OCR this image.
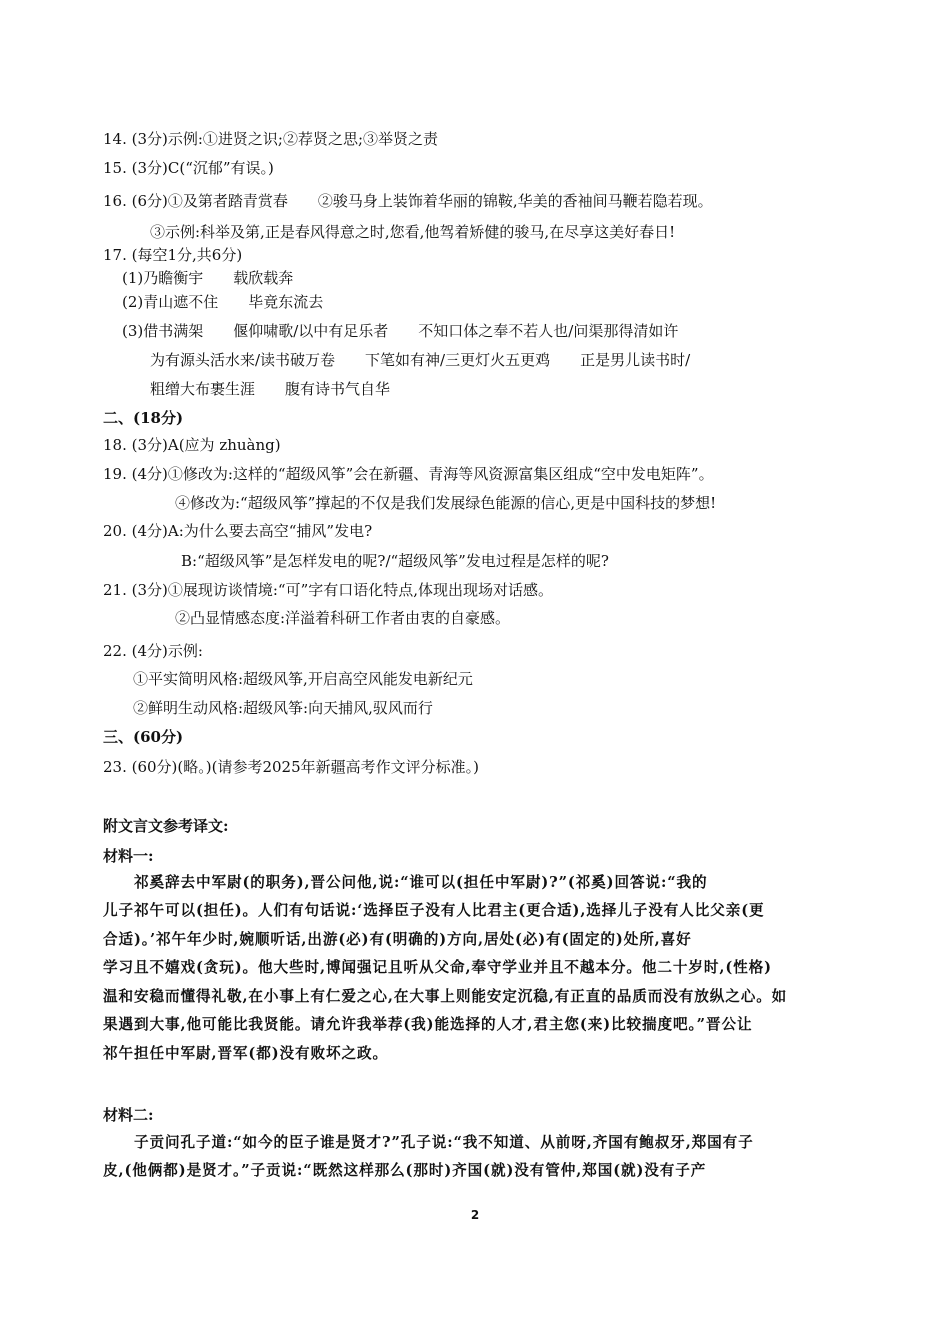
14. (3分)示例:①进贤之识;②荐贤之思;③举贤之责
15. (3分)C(“沉郁”有误。)
16. (6分)①及第者踏青赏春　　②骏马身上装饰着华丽的锦鞍,华美的香袖间马鞭若隐若现。
③示例:科举及第,正是春风得意之时,您看,他驾着矫健的骏马,在尽享这美好春日!
17. (每空1分,共6分)
(1)乃瞻衡宇　　载欣载奔
(2)青山遮不住　　毕竟东流去
(3)借书满架　　偃仰啸歌/以中有足乐者　　不知口体之奉不若人也/问渠那得清如许
为有源头活水来/读书破万卷　　下笔如有神/三更灯火五更鸡　　正是男儿读书时/
粗缯大布裹生涯　　腹有诗书气自华
二、(18分)
18. (3分)A(应为 zhuàng)
19. (4分)①修改为:这样的“超级风筝”会在新疆、青海等风资源富集区组成“空中发电矩阵”。
④修改为:“超级风筝”撑起的不仅是我们发展绿色能源的信心,更是中国科技的梦想!
20. (4分)A:为什么要去高空“捕风”发电?
B:“超级风筝”是怎样发电的呢?/“超级风筝”发电过程是怎样的呢?
21. (3分)①展现访谈情境:“可”字有口语化特点,体现出现场对话感。
②凸显情感态度:洋溢着科研工作者由衷的自豪感。
22. (4分)示例:
①平实简明风格:超级风筝,开启高空风能发电新纪元
②鲜明生动风格:超级风筝:向天捕风,驭风而行
三、(60分)
23. (60分)(略。)(请参考2025年新疆高考作文评分标准。)
附文言文参考译文:
材料一:
祁奚辞去中军尉(的职务),晋公问他,说:“谁可以(担任中军尉)?”(祁奚)回答说:“我的
儿子祁午可以(担任)。人们有句话说:‘选择臣子没有人比君主(更合适),选择儿子没有人比父亲(更
合适)。’祁午年少时,婉顺听话,出游(必)有(明确的)方向,居处(必)有(固定的)处所,喜好
学习且不嬉戏(贪玩)。他大些时,博闻强记且听从父命,奉守学业并且不越本分。他二十岁时,(性格)
温和安稳而懂得礼敬,在小事上有仁爱之心,在大事上则能安定沉稳,有正直的品质而没有放纵之心。如
果遇到大事,他可能比我贤能。请允许我举荐(我)能选择的人才,君主您(来)比较揣度吧。”晋公让
祁午担任中军尉,晋军(都)没有败坏之政。
材料二:
子贡问孔子道:“如今的臣子谁是贤才?”孔子说:“我不知道、从前呀,齐国有鲍叔牙,郑国有子
皮,(他俩都)是贤才。”子贡说:“既然这样那么(那时)齐国(就)没有管仲,郑国(就)没有子产
2
